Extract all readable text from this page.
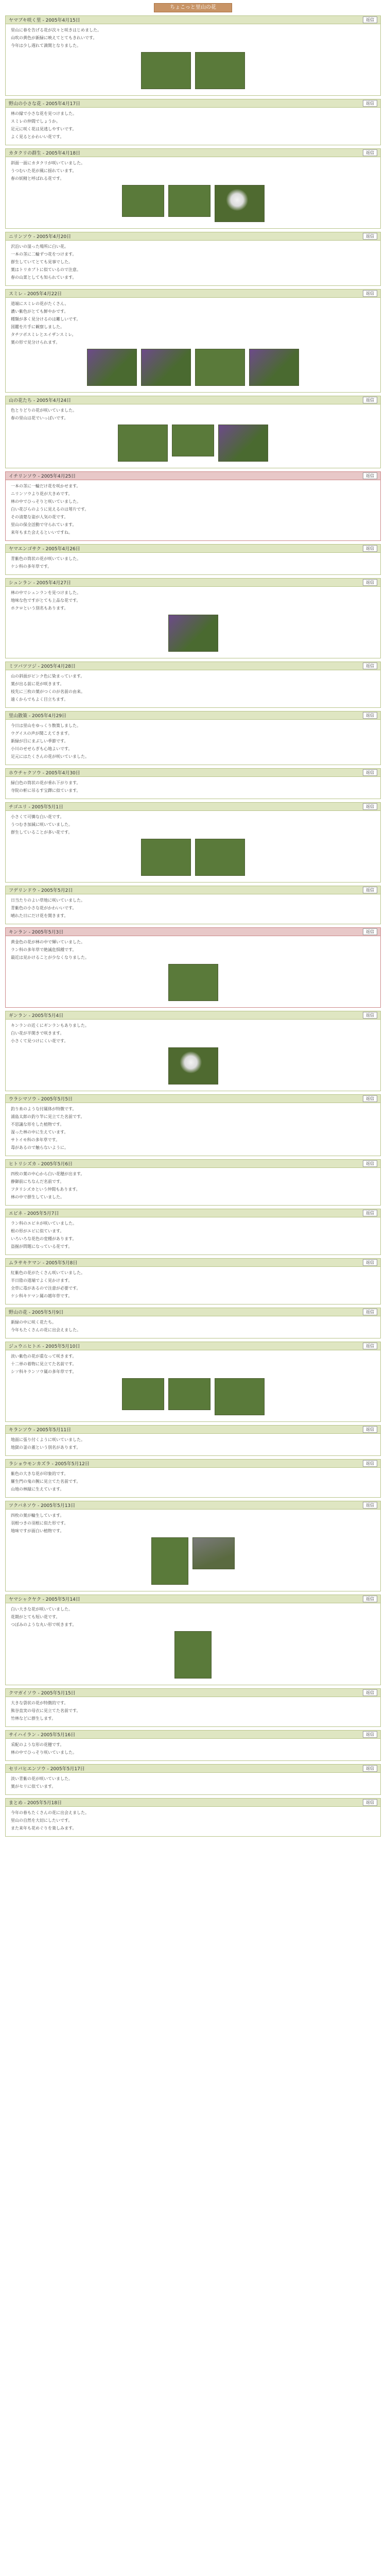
ちょこっと里山の花
ヤマブキ咲く里 - 2005年4月15日	返信

里山に春を告げる花が次々と咲きはじめました。

山吹の黄色が新緑に映えてとてもきれいです。

今年は少し遅れて満開となりました。

野山の小さな花 - 2005年4月17日	返信

林の縁で小さな花を見つけました。

スミレの仲間でしょうか。

足元に咲く花は見逃しやすいです。

よく見るとかわいい花です。

カタクリの群生 - 2005年4月18日	返信

斜面一面にカタクリが咲いていました。

うつむいた花が風に揺れています。

春の妖精と呼ばれる花です。

ニリンソウ - 2005年4月20日	返信

沢沿いの湿った場所に白い花。

一本の茎に二輪ずつ花をつけます。

群生していてとても見事でした。

葉はトリカブトに似ているので注意。

春の山菜としても知られています。

スミレ - 2005年4月22日	返信

道端にスミレの花がたくさん。

濃い紫色がとても鮮やかです。

種類が多く見分けるのは難しいです。

図鑑を片手に観察しました。

タチツボスミレとエイザンスミレ。

葉の形で見分けられます。

山の花たち - 2005年4月24日	返信

色とりどりの花が咲いていました。

春の里山は花でいっぱいです。

イチリンソウ - 2005年4月25日	返信

一本の茎に一輪だけ花を咲かせます。

ニリンソウより花が大きめです。

林の中でひっそりと咲いていました。

白い花びらのように見えるのは萼片です。

その清楚な姿が人気の花です。

里山の保全活動で守られています。

来年もまた会えるといいですね。

ヤマエンゴサク - 2005年4月26日	返信

青紫色の筒状の花が咲いていました。

ケシ科の多年草です。

シュンラン - 2005年4月27日	返信

林の中でシュンランを見つけました。

地味な色ですがとても上品な花です。

ホクロという別名もあります。

ミツバツツジ - 2005年4月28日	返信

山の斜面がピンク色に染まっています。

葉が出る前に花が咲きます。

枝先に三枚の葉がつくのが名前の由来。

遠くからでもよく目立ちます。

里山散策 - 2005年4月29日	返信

今日は里山をゆっくり散策しました。

ウグイスの声が聞こえてきます。

新緑が目にまぶしい季節です。

小川のせせらぎも心地よいです。

足元にはたくさんの花が咲いていました。

ホウチャクソウ - 2005年4月30日	返信

緑白色の筒状の花が垂れ下がります。

寺院の軒に吊るす宝鐸に似ています。

チゴユリ - 2005年5月1日	返信

小さくて可憐な白い花です。

うつむき加減に咲いていました。

群生していることが多い花です。

フデリンドウ - 2005年5月2日	返信

日当たりのよい草地に咲いていました。

青紫色の小さな花がかわいいです。

晴れた日にだけ花を開きます。

キンラン - 2005年5月3日	返信

黄金色の花が林の中で輝いていました。

ラン科の多年草で絶滅危惧種です。

最近は見かけることが少なくなりました。

ギンラン - 2005年5月4日	返信

キンランの近くにギンランもありました。

白い花が半開きで咲きます。

小さくて見つけにくい花です。

ウラシマソウ - 2005年5月5日	返信

釣り糸のような付属体が特徴です。

浦島太郎の釣り竿に見立てた名前です。

不思議な形をした植物です。

湿った林の中に生えています。

サトイモ科の多年草です。

毒があるので触らないように。

ヒトリシズカ - 2005年5月6日	返信

四枚の葉の中心から白い花穂が出ます。

静御前にちなんだ名前です。

フタリシズカという仲間もあります。

林の中で群生していました。

エビネ - 2005年5月7日	返信

ラン科のエビネが咲いていました。

根の形がエビに似ています。

いろいろな花色の変種があります。

盗掘が問題になっている花です。

ムラサキケマン - 2005年5月8日	返信

紅紫色の花がたくさん咲いていました。

半日陰の道端でよく見かけます。

全草に毒があるので注意が必要です。

ケシ科キケマン属の越年草です。

野山の花 - 2005年5月9日	返信

新緑の中に咲く花たち。

今年もたくさんの花に出会えました。

ジュウニヒトエ - 2005年5月10日	返信

淡い紫色の花が重なって咲きます。

十二単の着物に見立てた名前です。

シソ科キランソウ属の多年草です。

キランソウ - 2005年5月11日	返信

地面に張り付くように咲いていました。

地獄の釜の蓋という別名があります。

ラショウモンカズラ - 2005年5月12日	返信

紫色の大きな花が印象的です。

羅生門の鬼の腕に見立てた名前です。

山地の林縁に生えています。

ツクバネソウ - 2005年5月13日	返信

四枚の葉が輪生しています。

羽根つきの羽根に似た形です。

地味ですが面白い植物です。

ヤマシャクヤク - 2005年5月14日	返信

白い大きな花が咲いていました。

花期がとても短い花です。

つぼみのような丸い形で咲きます。

クマガイソウ - 2005年5月15日	返信

大きな袋状の花が特徴的です。

熊谷直実の母衣に見立てた名前です。

竹林などに群生します。

サイハイラン - 2005年5月16日	返信

采配のような形の花穂です。

林の中でひっそり咲いていました。

セリバヒエンソウ - 2005年5月17日	返信

淡い青紫の花が咲いていました。

葉がセリに似ています。

まとめ - 2005年5月18日	返信

今年の春もたくさんの花に出会えました。

里山の自然を大切にしたいです。

また来年も花めぐりを楽しみます。
